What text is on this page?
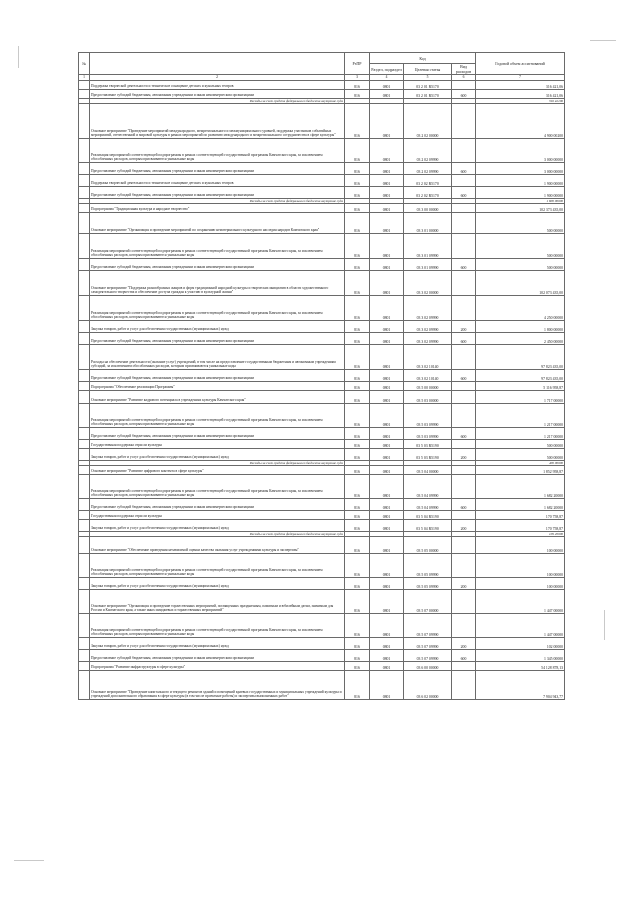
№		РзПР	Код			Годовой объем ассигнований
			Раздел, подраздел	Целевая статья	Вид расходов	
1	2	3	4	5	6	7
	Поддержка творческой деятельности и техническое оснащение детских и кукольных театров	816	0801	03 2 01 R5170		316 421,06
	Предоставление субсидий бюджетным, автономным учреждениям и иным некоммерческим организациям	816	0801	03 2 01 R5170	600	316 421,06
	Расходы за счет средств федерального бюджета внутренне суда					316 42106
	Основное мероприятие "Проведение мероприятий международного, межрегионального и межмуниципального уровней, поддержка участников событийных мероприятий, отечественной и мировой культуры в рамках мероприятий по развитию международного и межрегионального сотрудничества в сфере культуры"	816	0801	03 2 02 00000		4 900 00200
	Реализация мероприятий соответствующей подпрограммы в рамках соответствующей государственной программы Камчатского края, за исключением обособленных расходов, которым присваиваются уникальные коды	816	0801	03 2 02 09990		3 000 00000
	Предоставление субсидий бюджетным, автономным учреждениям и иным некоммерческим организациям	816	0801	03 2 02 09990	600	3 000 00000
	Поддержка творческой деятельности и техническое оснащение детских и кукольных театров	816	0801	03 2 02 R5170		1 900 00000
	Предоставление субсидий бюджетным, автономным учреждениям и иным некоммерческим организациям	816	0801	03 2 02 R5170	600	1 900 00000
	Расходы за счет средств федерального бюджета внутренне суда					1 800 00000
	Подпрограмма "Традиционная культура и народное творчество"	816	0801	03 3 00 00000		102 373 435,00
	Основное мероприятие "Организация и проведение мероприятий по сохранению нематериального культурного наследия народов Камчатского края"	816	0801	03 3 01 00000		500 00000
	Реализация мероприятий соответствующей подпрограммы в рамках соответствующей государственной программы Камчатского края, за исключением обособленных расходов, которым присваиваются уникальные коды	816	0801	03 3 01 09990		500 00000
	Предоставление субсидий бюджетным, автономным учреждениям и иным некоммерческим организациям	816	0801	03 3 01 09990	600	500 00000
	Основное мероприятие "Поддержка разнообразных жанров и форм традиционной народной культуры и творческих инициатив в области художественного самодеятельного творчества и обеспечение доступа граждан к участию в культурной жизни"	816	0801	03 3 02 00000		102 073 435,00
	Реализация мероприятий соответствующей подпрограммы в рамках соответствующей государственной программы Камчатского края, за исключением обособленных расходов, которым присваиваются уникальные коды	816	0801	03 3 02 09990		4 250 00000
	Закупка товаров, работ и услуг для обеспечения государственных (муниципальных) нужд	816	0801	03 3 02 09990	200	1 800 00000
	Предоставление субсидий бюджетным, автономным учреждениям и иным некоммерческим организациям	816	0801	03 3 02 09990	600	2 450 00000
	Расходы на обеспечение деятельности (оказание услуг) учреждений, в том числе на предоставление государственным бюджетным и автономным учреждениям субсидий, за исключением обособленных расходов, которым присваиваются уникальные коды	816	0801	03 3 02 10140		97 823 435,00
	Предоставление субсидий бюджетным, автономным учреждениям и иным некоммерческим организациям	816	0801	03 3 02 10140	600	97 823 435,00
	Подпрограмма "Обеспечение реализации Программы"	816	0801	03 5 00 00000		5 116 958,87
	Основное мероприятие "Развитие кадрового потенциала в учреждениях культуры Камчатского края"	816	0801	03 5 03 00000		1 717 00000
	Реализация мероприятий соответствующей подпрограммы в рамках соответствующей государственной программы Камчатского края, за исключением обособленных расходов, которым присваиваются уникальные коды	816	0801	03 5 03 09990		1 217 00000
	Предоставление субсидий бюджетным, автономным учреждениям и иным некоммерческим организациям	816	0801	03 5 03 09990	600	1 217 00000
	Государственная поддержка отрасли культуры	816	0801	03 5 03 R5190		500 00000
	Закупка товаров, работ и услуг для обеспечения государственных (муниципальных) нужд	816	0801	03 5 03 R5190	200	500 00000
	Расходы за счет средств федерального бюджета внутренне суда					400 00000
	Основное мероприятие "Развитие цифрового контента в сфере культуры"	816	0801	03 5 04 00000		1 852 958,87
	Реализация мероприятий соответствующей подпрограммы в рамках соответствующей государственной программы Камчатского края, за исключением обособленных расходов, которым присваиваются уникальные коды	816	0801	03 5 04 09990		1 682 20000
	Предоставление субсидий бюджетным, автономным учреждениям и иным некоммерческим организациям	816	0801	03 5 04 09990	600	1 682 20000
	Государственная поддержка отрасли культуры	816	0801	03 5 04 R5190		170 758,87
	Закупка товаров, работ и услуг для обеспечения государственных (муниципальных) нужд	816	0801	03 5 04 R5190	200	170 758,87
	Расходы за счет средств федерального бюджета внутренне суда					109 20000
	Основное мероприятие "Обеспечение проведения независимой оценки качества оказания услуг учреждениями культуры и экспертизы"	816	0801	03 5 05 00000		100 00000
	Реализация мероприятий соответствующей подпрограммы в рамках соответствующей государственной программы Камчатского края, за исключением обособленных расходов, которым присваиваются уникальные коды	816	0801	03 5 05 09990		100 00000
	Закупка товаров, работ и услуг для обеспечения государственных (муниципальных) нужд	816	0801	03 5 05 09990	200	100 00000
	Основное мероприятие "Организация и проведение торжественных мероприятий, посвященных праздничным, памятным и юбилейным датам, значимым для России и Камчатского края, а также иных имиджевых и торжественных мероприятий"	816	0801	03 5 07 00000		1 447 00000
	Реализация мероприятий соответствующей подпрограммы в рамках соответствующей государственной программы Камчатского края, за исключением обособленных расходов, которым присваиваются уникальные коды	816	0801	03 5 07 09990		1 447 00000
	Закупка товаров, работ и услуг для обеспечения государственных (муниципальных) нужд	816	0801	03 5 07 09990	200	102 00000
	Предоставление субсидий бюджетным, автономным учреждениям и иным некоммерческим организациям	816	0801	03 5 07 09990	600	1 345 00000
	Подпрограмма "Развитие инфраструктуры в сфере культуры"	816	0801	03 6 00 00000		54 128 878,13
	Основное мероприятие "Проведение капитального и текущего ремонтов зданий и помещений краевых государственных и муниципальных учреждений культуры и учреждений дополнительного образования в сфере культуры (в том числе проектные работы) и экспертизы выполненных работ"	816	0801	03 6 02 00000		7 904 943,77
